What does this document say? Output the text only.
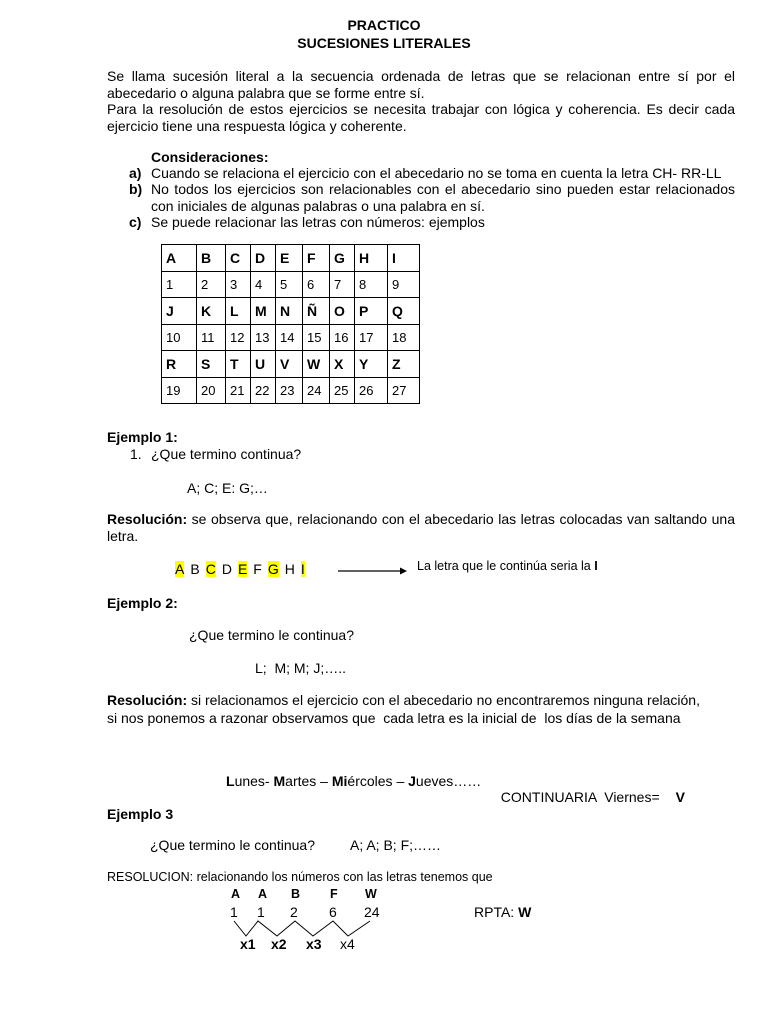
PRACTICO
SUCESIONES LITERALES
Se llama sucesión literal a la secuencia ordenada de letras que se relacionan entre sí por el
abecedario o alguna palabra que se forme entre sí.
Para la resolución de estos ejercicios se necesita trabajar con lógica y coherencia. Es decir cada
ejercicio tiene una respuesta lógica y coherente.
Consideraciones:
a) Cuando se relaciona el ejercicio con el abecedario no se toma en cuenta la letra CH- RR-LL
b) No todos los ejercicios son relacionables con el abecedario sino pueden estar relacionados
con iniciales de algunas palabras o una palabra en sí.
c) Se puede relacionar las letras con números: ejemplos
A	B	C	D	E	F	G	H	I
1	2	3	4	5	6	7	8	9
J	K	L	M	N	Ñ	O	P	Q
10	11	12	13	14	15	16	17	18
R	S	T	U	V	W	X	Y	Z
19	20	21	22	23	24	25	26	27
Ejemplo 1:
1. ¿Que termino continua?
A; C; E: G;…
Resolución: se observa que, relacionando con el abecedario las letras colocadas van saltando una
letra.
A B C D E F G H I	La letra que le continúa seria la I
Ejemplo 2:
¿Que termino le continua?
L;  M; M; J;…..
Resolución: si relacionamos el ejercicio con el abecedario no encontraremos ninguna relación,
si nos ponemos a razonar observamos que  cada letra es la inicial de  los días de la semana
Lunes- Martes – Miércoles – Jueves……

CONTINUARIA  Viernes= V

Ejemplo 3
¿Que termino le continua?	A; A; B; F;……
RESOLUCION: relacionando los números con las letras tenemos que
A A B F W
1 1 2 6 24
x1 x2 x3 x4
RPTA: W
